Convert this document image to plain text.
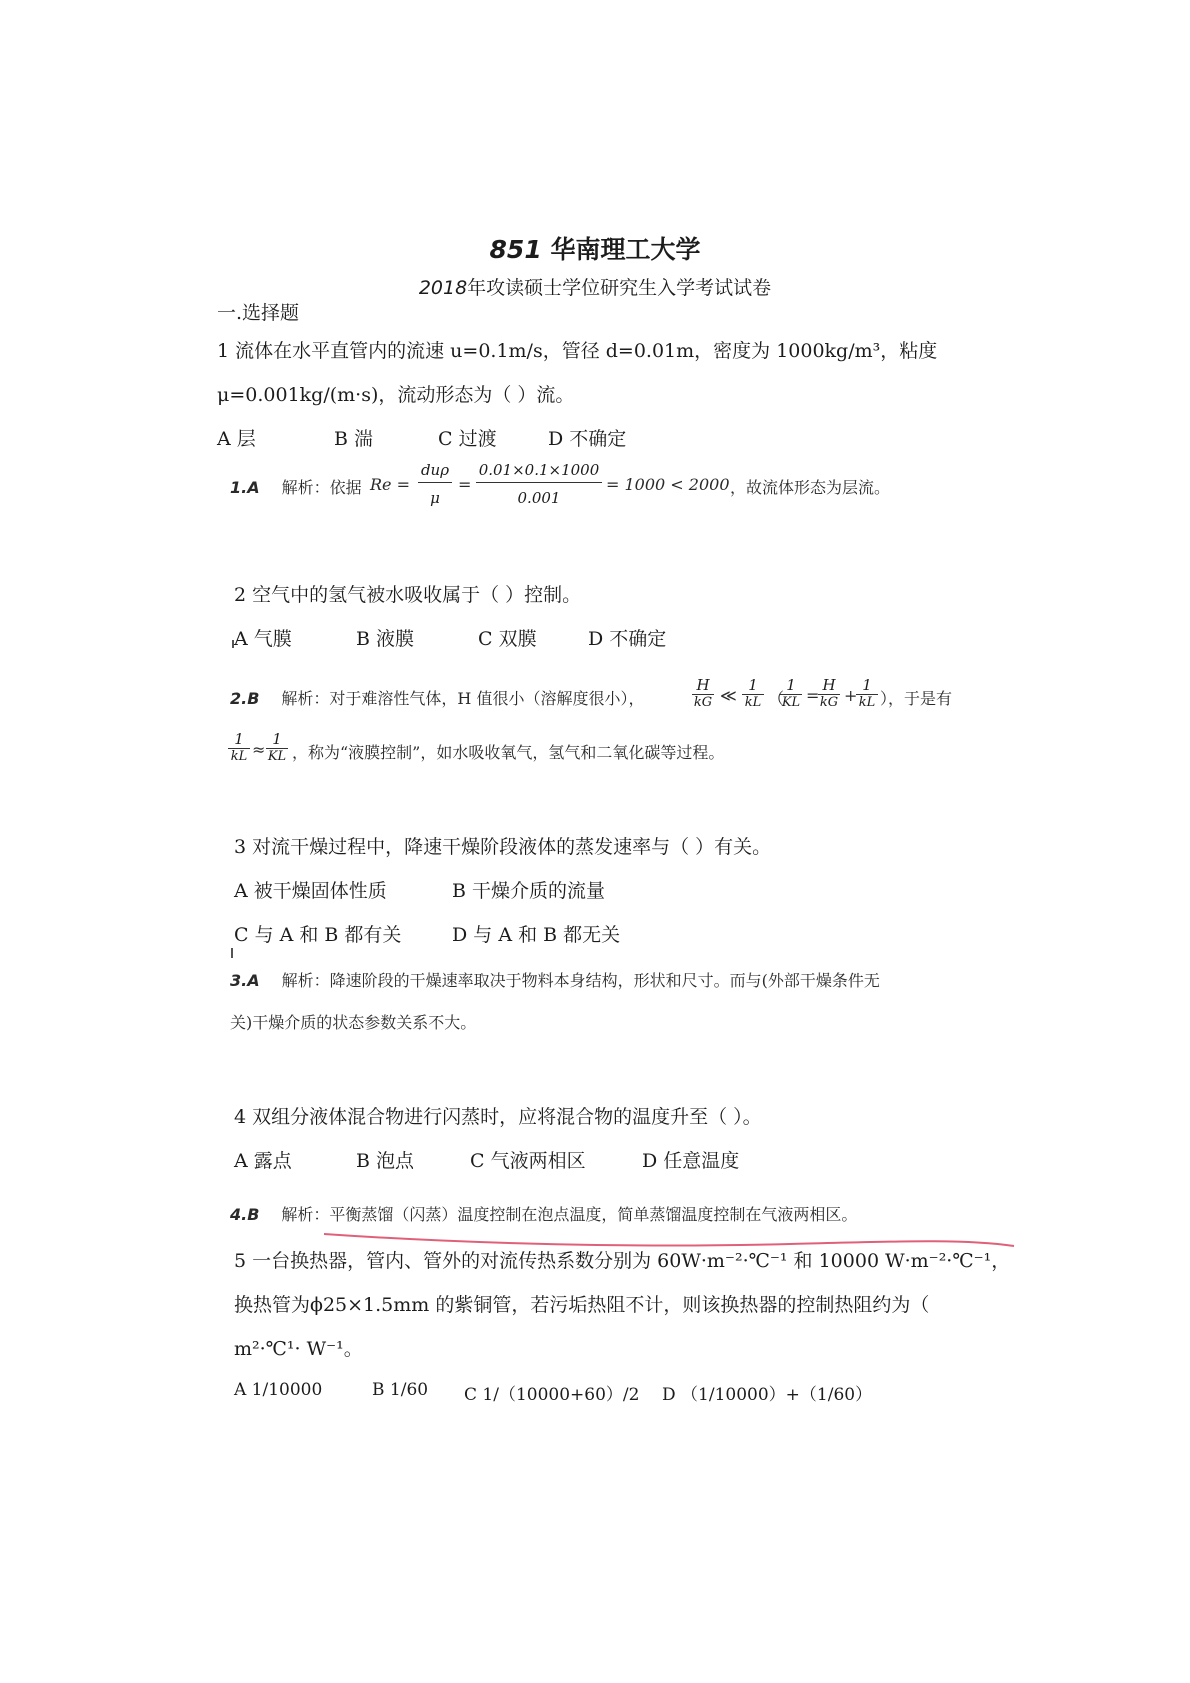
851 华南理工大学
2018年攻读硕士学位研究生入学考试试卷
一.选择题
1 流体在水平直管内的流速 u=0.1m/s，管径 d=0.01m，密度为 1000kg/m³，粘度
μ=0.001kg/(m·s)，流动形态为（ ）流。
A 层	B 湍	C 过渡	D 不确定
1.A 解析：依据 Re =
duρ
μ
=
0.01×0.1×1000
0.001
= 1000 < 2000 ，故流体形态为层流。
2 空气中的氢气被水吸收属于（ ）控制。
A 气膜	B 液膜	C 双膜	D 不确定
2.B 解析：对于难溶性气体，H 值很小（溶解度很小），
H
kG ≪
1
kL （
1
KL =
H
kG +
1
kL ），于是有
1
kL ≈
1
KL ，称为“液膜控制”，如水吸收氧气，氢气和二氧化碳等过程。
3 对流干燥过程中，降速干燥阶段液体的蒸发速率与（ ）有关。
A 被干燥固体性质	B 干燥介质的流量
C 与 A 和 B 都有关	D 与 A 和 B 都无关
3.A 解析：降速阶段的干燥速率取决于物料本身结构，形状和尺寸。而与(外部干燥条件无
关)干燥介质的状态参数关系不大。
4 双组分液体混合物进行闪蒸时，应将混合物的温度升至（ ）。
A 露点	B 泡点	C 气液两相区	D 任意温度
4.B 解析：平衡蒸馏（闪蒸）温度控制在泡点温度，简单蒸馏温度控制在气液两相区。
5 一台换热器，管内、管外的对流传热系数分别为 60W·m⁻²·℃⁻¹ 和 10000 W·m⁻²·℃⁻¹，
换热管为ϕ25×1.5mm 的紫铜管，若污垢热阻不计，则该换热器的控制热阻约为（
m²·℃¹· W⁻¹。
A 1/10000	B 1/60 C 1/（10000+60）/2 D （1/10000）+（1/60）
